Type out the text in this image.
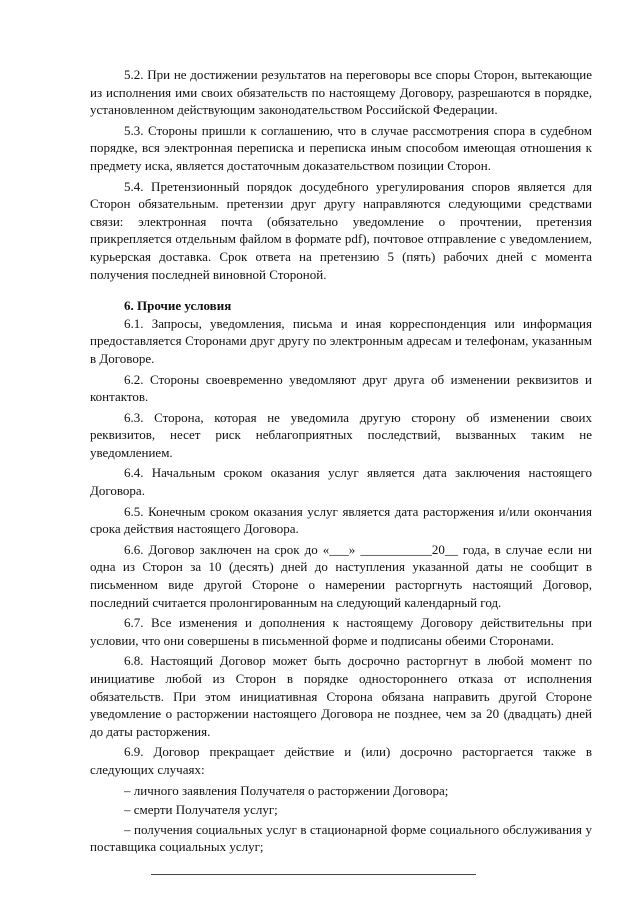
5.2. При не достижении результатов на переговоры все споры Сторон, вытекающие из исполнения ими своих обязательств по настоящему Договору, разрешаются в порядке, установленном действующим законодательством Российской Федерации.

5.3. Стороны пришли к соглашению, что в случае рассмотрения спора в судебном порядке, вся электронная переписка и переписка иным способом имеющая отношения к предмету иска, является достаточным доказательством позиции Сторон.

5.4. Претензионный порядок досудебного урегулирования споров является для Сторон обязательным. претензии друг другу направляются следующими средствами связи: электронная почта (обязательно уведомление о прочтении, претензия прикрепляется отдельным файлом в формате pdf), почтовое отправление с уведомлением, курьерская доставка. Срок ответа на претензию 5 (пять) рабочих дней с момента получения последней виновной Стороной.

6. Прочие условия

6.1. Запросы, уведомления, письма и иная корреспонденция или информация предоставляется Сторонами друг другу по электронным адресам и телефонам, указанным в Договоре.

6.2. Стороны своевременно уведомляют друг друга об изменении реквизитов и контактов.

6.3. Сторона, которая не уведомила другую сторону об изменении своих реквизитов, несет риск неблагоприятных последствий, вызванных таким не уведомлением.

6.4. Начальным сроком оказания услуг является дата заключения настоящего Договора.

6.5. Конечным сроком оказания услуг является дата расторжения и/или окончания срока действия настоящего Договора.

6.6. Договор заключен на срок до «___» ___________20__ года, в случае если ни одна из Сторон за 10 (десять) дней до наступления указанной даты не сообщит в письменном виде другой Стороне о намерении расторгнуть настоящий Договор, последний считается пролонгированным на следующий календарный год.

6.7. Все изменения и дополнения к настоящему Договору действительны при условии, что они совершены в письменной форме и подписаны обеими Сторонами.

6.8. Настоящий Договор может быть досрочно расторгнут в любой момент по инициативе любой из Сторон в порядке одностороннего отказа от исполнения обязательств. При этом инициативная Сторона обязана направить другой Стороне уведомление о расторжении настоящего Договора не позднее, чем за 20 (двадцать) дней до даты расторжения.

6.9. Договор прекращает действие и (или) досрочно расторгается также в следующих случаях:

– личного заявления Получателя о расторжении Договора;
– смерти Получателя услуг;
– получения социальных услуг в стационарной форме социального обслуживания у поставщика социальных услуг;
